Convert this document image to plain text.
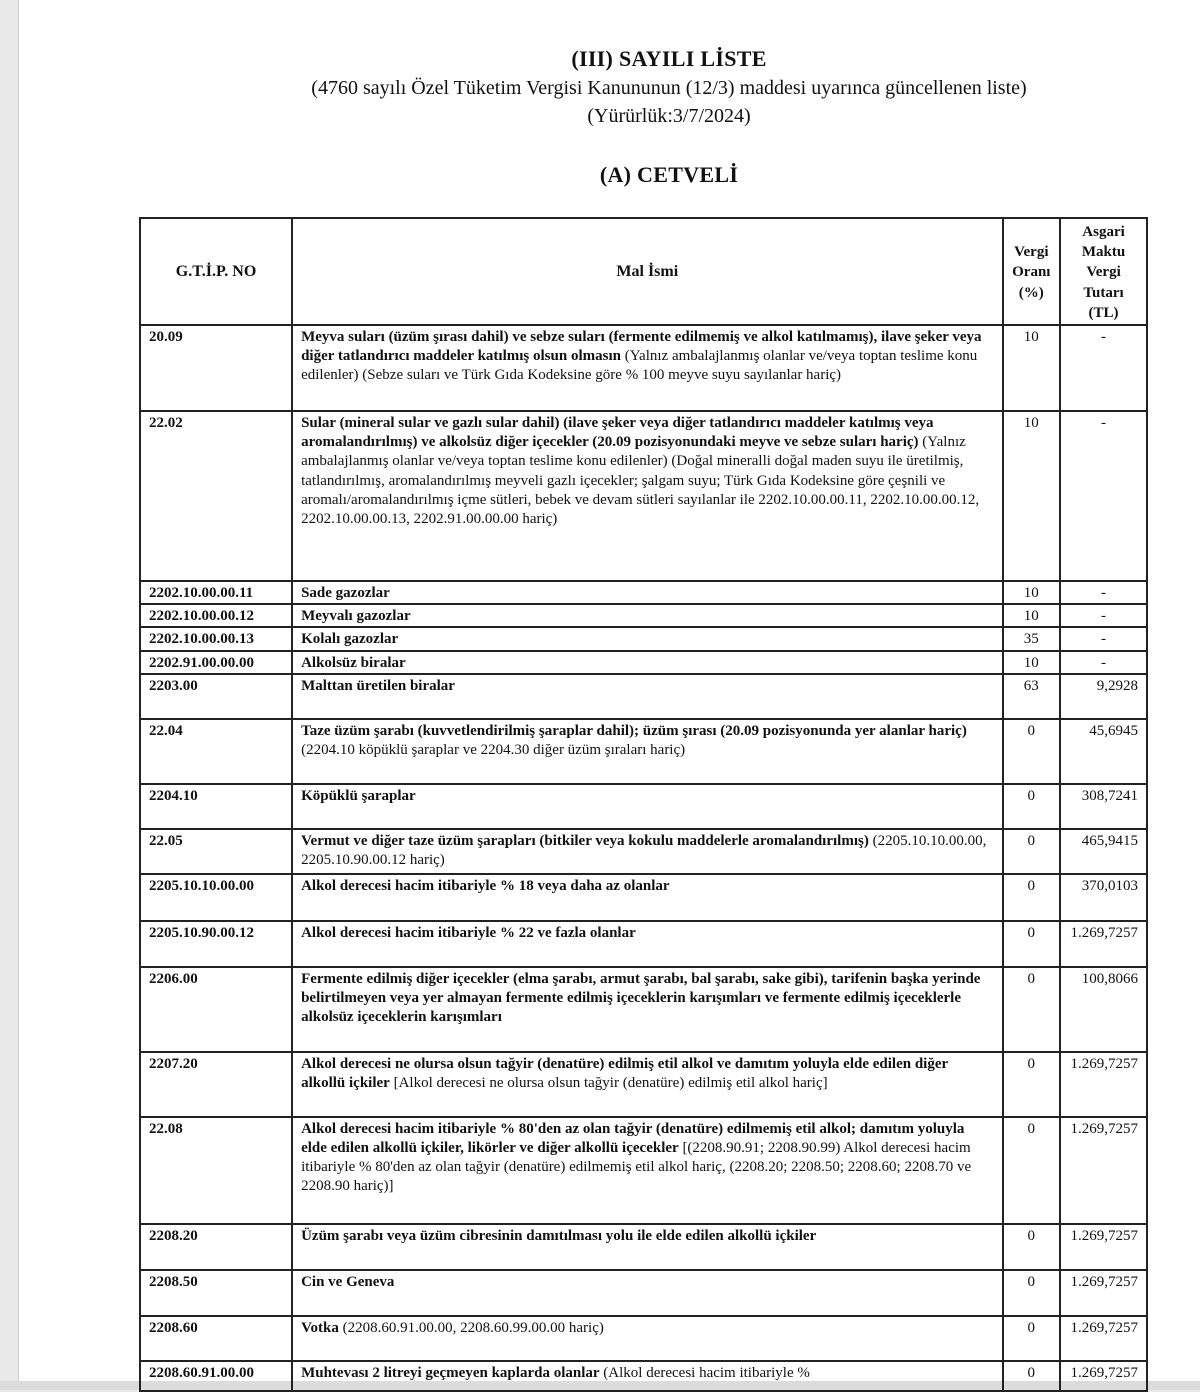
(III) SAYILI LİSTE
(4760 sayılı Özel Tüketim Vergisi Kanununun (12/3) maddesi uyarınca güncellenen liste)
(Yürürlük:3/7/2024)
(A) CETVELİ
G.T.İ.P. NO	Mal İsmi	Vergi Oranı (%)	Asgari Maktu Vergi Tutarı (TL)
20.09	Meyva suları (üzüm şırası dahil) ve sebze suları (fermente edilmemiş ve alkol katılmamış), ilave şeker veya diğer tatlandırıcı maddeler katılmış olsun olmasın (Yalnız ambalajlanmış olanlar ve/veya toptan teslime konu edilenler) (Sebze suları ve Türk Gıda Kodeksine göre % 100 meyve suyu sayılanlar hariç)	10	-
22.02	Sular (mineral sular ve gazlı sular dahil) (ilave şeker veya diğer tatlandırıcı maddeler katılmış veya aromalandırılmış) ve alkolsüz diğer içecekler (20.09 pozisyonundaki meyve ve sebze suları hariç) (Yalnız ambalajlanmış olanlar ve/veya toptan teslime konu edilenler) (Doğal mineralli doğal maden suyu ile üretilmiş, tatlandırılmış, aromalandırılmış meyveli gazlı içecekler; şalgam suyu; Türk Gıda Kodeksine göre çeşnili ve aromalı/aromalandırılmış içme sütleri, bebek ve devam sütleri sayılanlar ile 2202.10.00.00.11, 2202.10.00.00.12, 2202.10.00.00.13, 2202.91.00.00.00 hariç)	10	-
2202.10.00.00.11	Sade gazozlar	10	-
2202.10.00.00.12	Meyvalı gazozlar	10	-
2202.10.00.00.13	Kolalı gazozlar	35	-
2202.91.00.00.00	Alkolsüz biralar	10	-
2203.00	Malttan üretilen biralar	63	9,2928
22.04	Taze üzüm şarabı (kuvvetlendirilmiş şaraplar dahil); üzüm şırası (20.09 pozisyonunda yer alanlar hariç) (2204.10 köpüklü şaraplar ve 2204.30 diğer üzüm şıraları hariç)	0	45,6945
2204.10	Köpüklü şaraplar	0	308,7241
22.05	Vermut ve diğer taze üzüm şarapları (bitkiler veya kokulu maddelerle aromalandırılmış) (2205.10.10.00.00, 2205.10.90.00.12 hariç)	0	465,9415
2205.10.10.00.00	Alkol derecesi hacim itibariyle % 18 veya daha az olanlar	0	370,0103
2205.10.90.00.12	Alkol derecesi hacim itibariyle % 22 ve fazla olanlar	0	1.269,7257
2206.00	Fermente edilmiş diğer içecekler (elma şarabı, armut şarabı, bal şarabı, sake gibi), tarifenin başka yerinde belirtilmeyen veya yer almayan fermente edilmiş içeceklerin karışımları ve fermente edilmiş içeceklerle alkolsüz içeceklerin karışımları	0	100,8066
2207.20	Alkol derecesi ne olursa olsun tağyir (denatüre) edilmiş etil alkol ve damıtım yoluyla elde edilen diğer alkollü içkiler [Alkol derecesi ne olursa olsun tağyir (denatüre) edilmiş etil alkol hariç]	0	1.269,7257
22.08	Alkol derecesi hacim itibariyle % 80'den az olan tağyir (denatüre) edilmemiş etil alkol; damıtım yoluyla elde edilen alkollü içkiler, likörler ve diğer alkollü içecekler [(2208.90.91; 2208.90.99) Alkol derecesi hacim itibariyle % 80'den az olan tağyir (denatüre) edilmemiş etil alkol hariç, (2208.20; 2208.50; 2208.60; 2208.70 ve 2208.90 hariç)]	0	1.269,7257
2208.20	Üzüm şarabı veya üzüm cibresinin damıtılması yolu ile elde edilen alkollü içkiler	0	1.269,7257
2208.50	Cin ve Geneva	0	1.269,7257
2208.60	Votka (2208.60.91.00.00, 2208.60.99.00.00 hariç)	0	1.269,7257
2208.60.91.00.00	Muhtevası 2 litreyi geçmeyen kaplarda olanlar (Alkol derecesi hacim itibariyle %	0	1.269,7257
